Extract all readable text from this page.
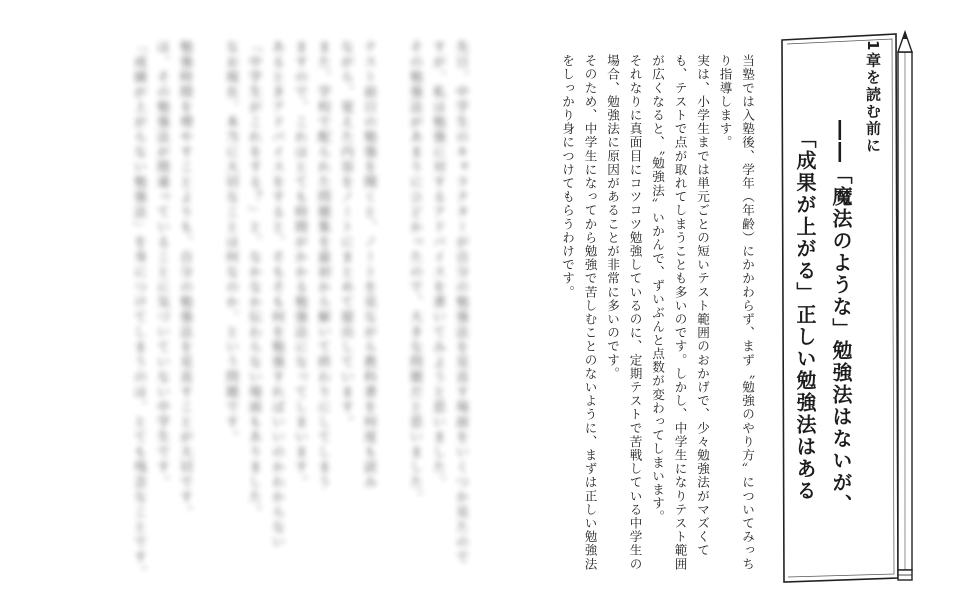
先日、中学生のキャラクターが自分の勉強法を見直す場面をいくつか見たので
すが、私は勉強に対するアドバイスを書いてみようと思いました。
その勉強法があまりにひどかったので、大きな問題だと思いました。
テスト前日の勉強を聞くと、ノートを見ながら教科書を何度も読み
ながら、覚えた内容をノートにまとめて提出しています。
また、学校で配られた問題集を最初から解いて終わりにしてしまう
ますので、これはとても時間がかかる勉強法になってしまいます。
あるときアドバイスをすると、そもそも何を勉強すればいいのかわからない
「中学生がこれをする？」と、なかなか伝わらない場面もありました。
なお現在、本当に大切なことは何なのか、という問題です。
勉強時間を増やすことよりも、自分の勉強法を見直すことが大切です。
は、その勉強法が間違っていることに気づいていない中学生です。
「成績が上がらない勉強法」を身につけてしまうのは、とても残念なことです。	当塾では入塾後、学年（年齢）にかかわらず、まず〝勉強のやり方〟についてみっちり指導します。

実は、小学生までは単元ごとの短いテスト範囲のおかげで、少々勉強法がマズくても、テストで点が取れてしまうことも多いのです。しかし、中学生になりテスト範囲が広くなると、〝勉強法〟いかんで、ずいぶんと点数が変わってしまいます。

それなりに真面目にコツコツ勉強しているのに、定期テストで苦戦している中学生の場合、勉強法に原因があることが非常に多いのです。

そのため、中学生になってから勉強で苦しむことのないように、まずは正しい勉強法をしっかり身につけてもらうわけです。	1章を読む前に
――「魔法のような」勉強法はないが、
「成果が上がる」正しい勉強法はある
